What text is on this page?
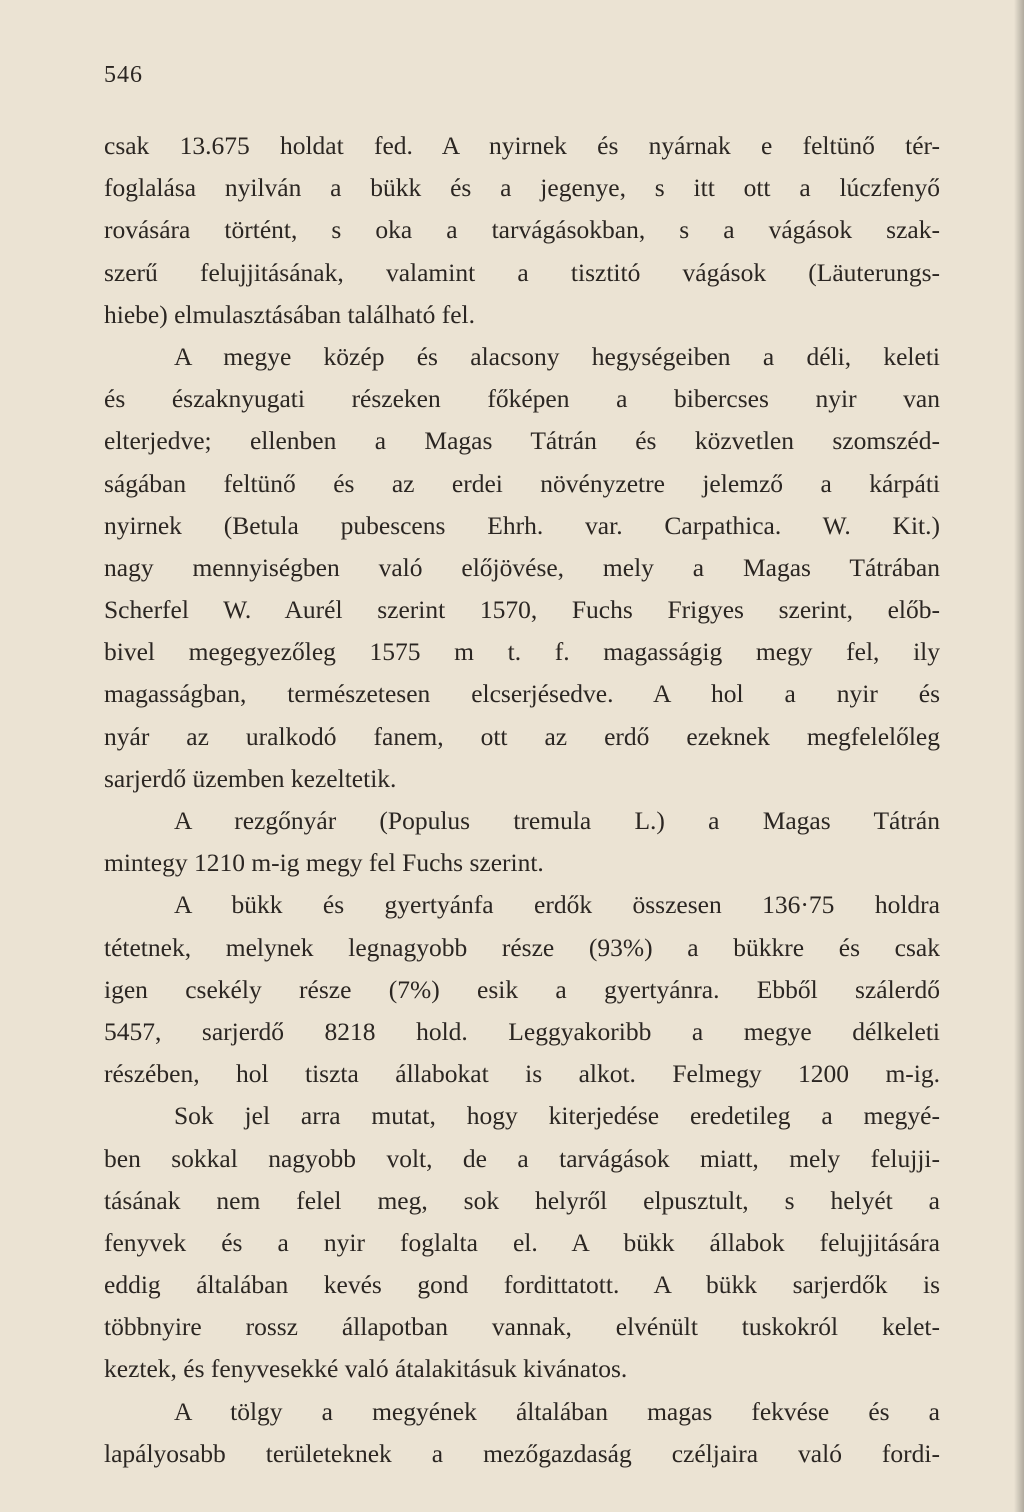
546
csak 13.675 holdat fed. A nyirnek és nyárnak e feltünő tér-
foglalása nyilván a bükk és a jegenye, s itt ott a lúczfenyő
rovására történt, s oka a tarvágásokban, s a vágások szak-
szerű felujjitásának, valamint a tisztitó vágások (Läuterungs-
hiebe) elmulasztásában található fel.
A megye közép és alacsony hegységeiben a déli, keleti
és északnyugati részeken főképen a bibercses nyir van
elterjedve; ellenben a Magas Tátrán és közvetlen szomszéd-
ságában feltünő és az erdei növényzetre jelemző a kárpáti
nyirnek (Betula pubescens Ehrh. var. Carpathica. W. Kit.)
nagy mennyiségben való előjövése, mely a Magas Tátrában
Scherfel W. Aurél szerint 1570, Fuchs Frigyes szerint, előb-
bivel megegyezőleg 1575 m t. f. magasságig megy fel, ily
magasságban, természetesen elcserjésedve. A hol a nyir és
nyár az uralkodó fanem, ott az erdő ezeknek megfelelőleg
sarjerdő üzemben kezeltetik.
A rezgőnyár (Populus tremula L.) a Magas Tátrán
mintegy 1210 m-ig megy fel Fuchs szerint.
A bükk és gyertyánfa erdők összesen 136·75 holdra
tétetnek, melynek legnagyobb része (93%) a bükkre és csak
igen csekély része (7%) esik a gyertyánra. Ebből szálerdő
5457, sarjerdő 8218 hold. Leggyakoribb a megye délkeleti
részében, hol tiszta állabokat is alkot. Felmegy 1200 m-ig.
Sok jel arra mutat, hogy kiterjedése eredetileg a megyé-
ben sokkal nagyobb volt, de a tarvágások miatt, mely felujji-
tásának nem felel meg, sok helyről elpusztult, s helyét a
fenyvek és a nyir foglalta el. A bükk állabok felujjitására
eddig általában kevés gond fordittatott. A bükk sarjerdők is
többnyire rossz állapotban vannak, elvénült tuskokról kelet-
keztek, és fenyvesekké való átalakitásuk kivánatos.
A tölgy a megyének általában magas fekvése és a
lapályosabb területeknek a mezőgazdaság czéljaira való fordi-
